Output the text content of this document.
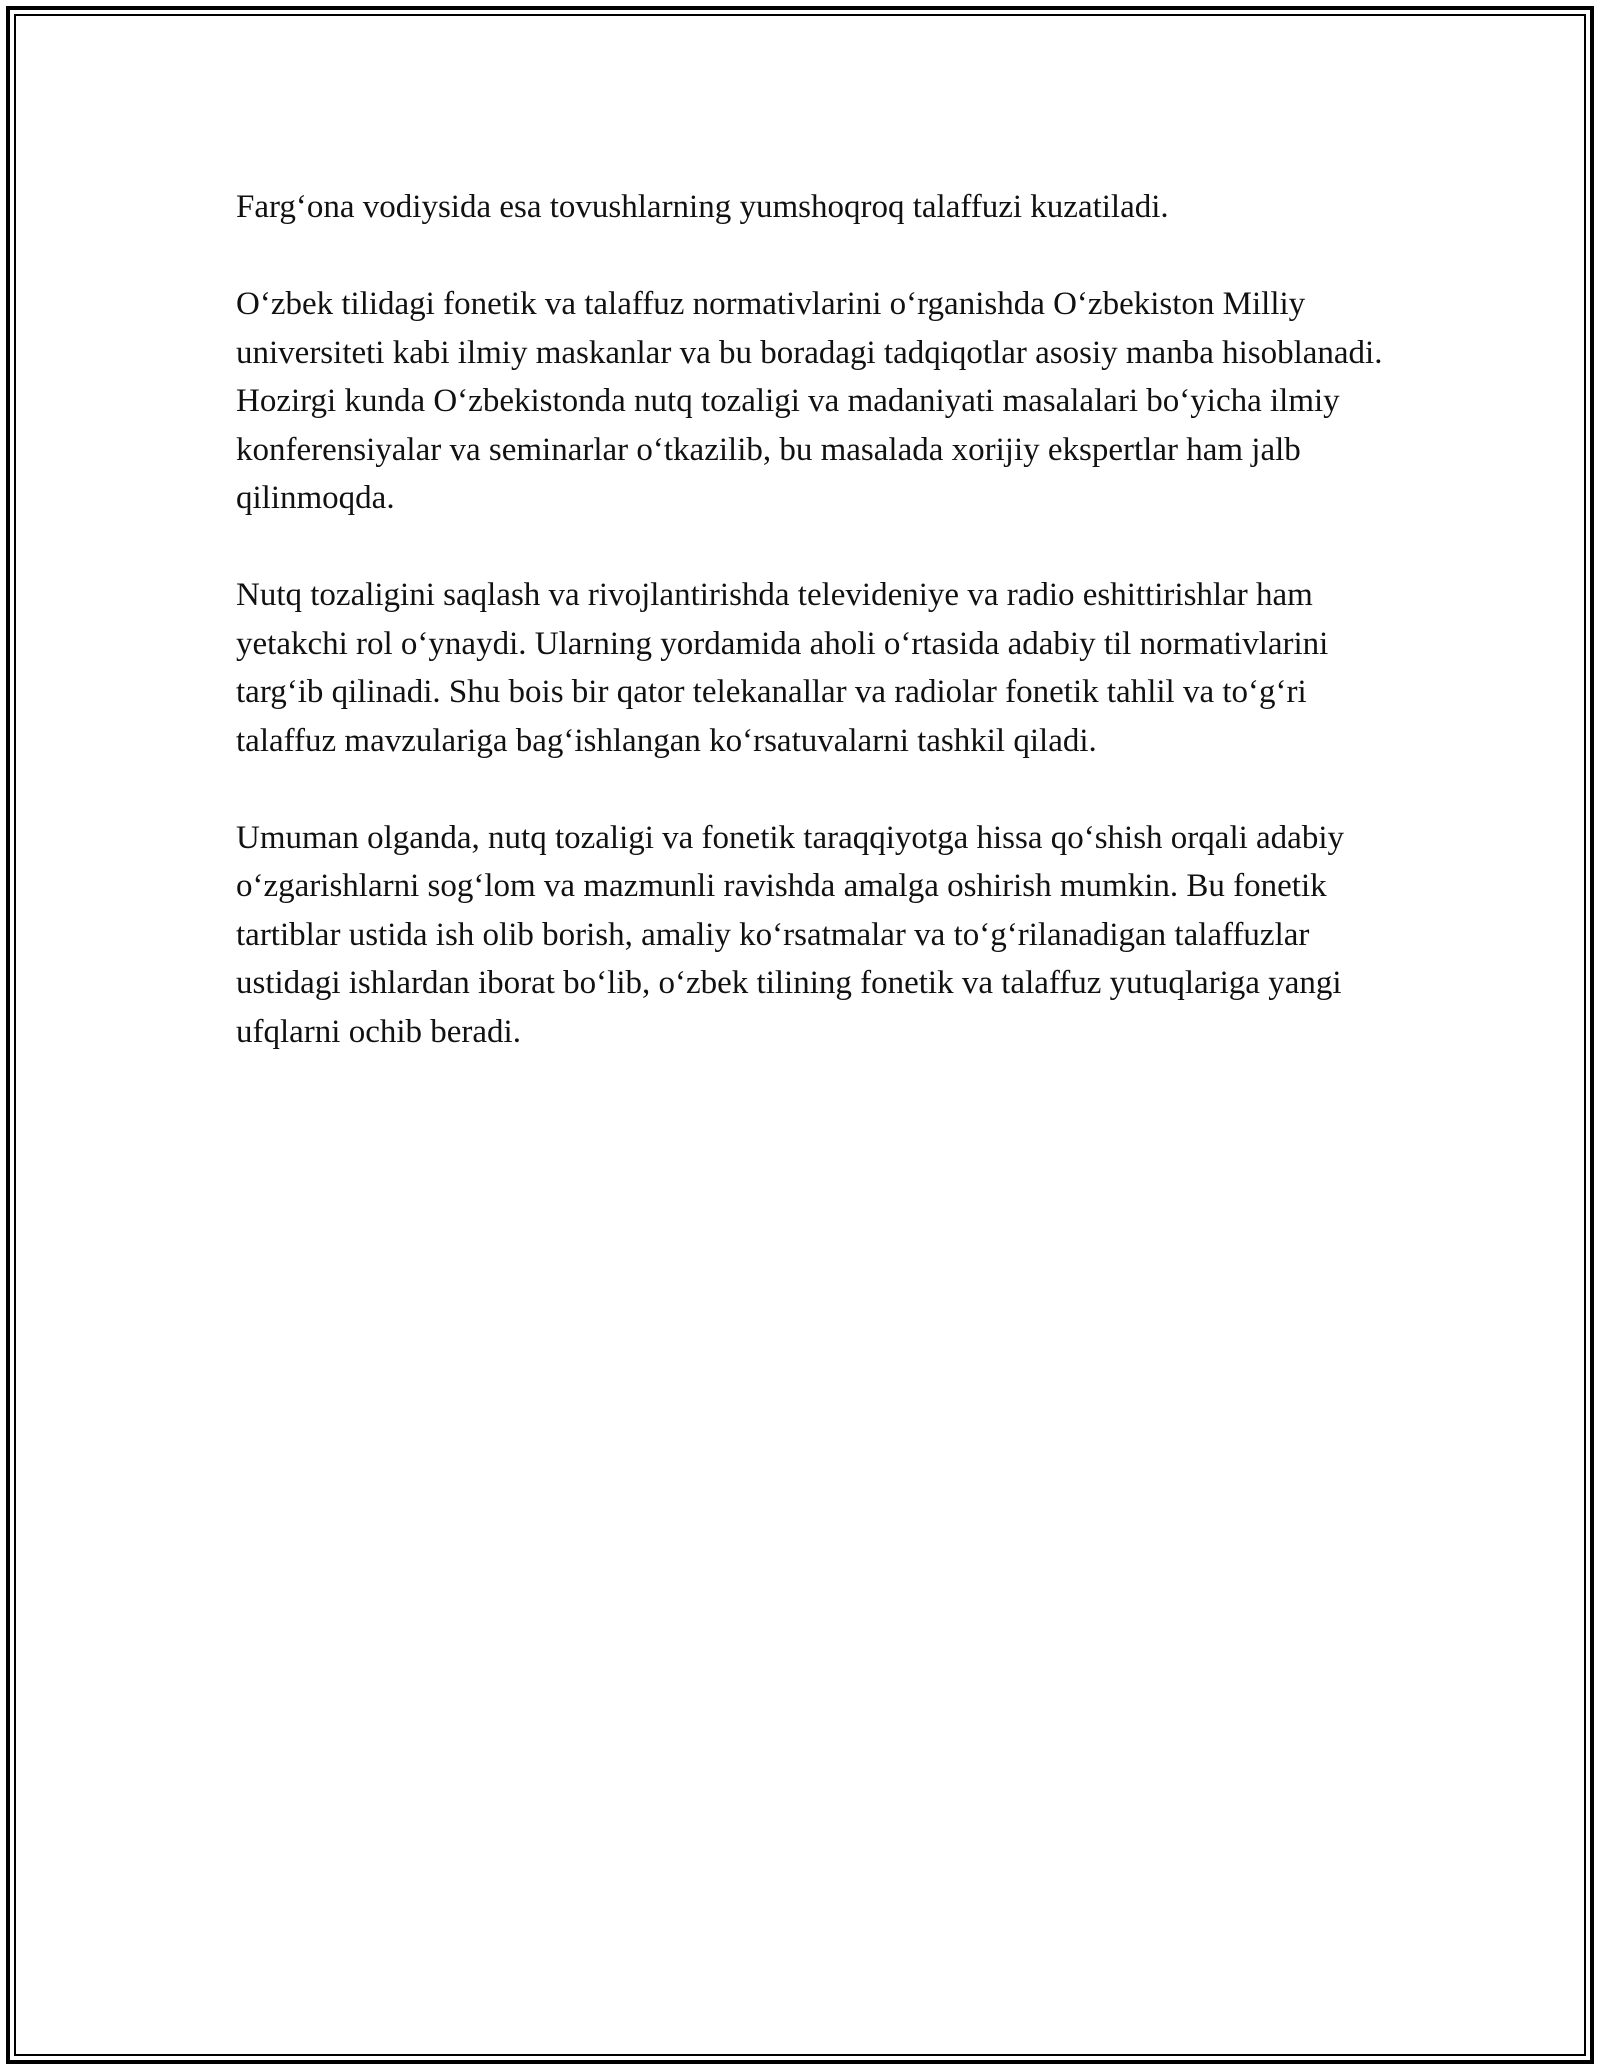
Farg‘ona vodiysida esa tovushlarning yumshoqroq talaffuzi kuzatiladi.

O‘zbek tilidagi fonetik va talaffuz normativlarini o‘rganishda O‘zbekiston Milliy universiteti kabi ilmiy maskanlar va bu boradagi tadqiqotlar asosiy manba hisoblanadi. Hozirgi kunda O‘zbekistonda nutq tozaligi va madaniyati masalalari bo‘yicha ilmiy konferensiyalar va seminarlar o‘tkazilib, bu masalada xorijiy ekspertlar ham jalb qilinmoqda.

Nutq tozaligini saqlash va rivojlantirishda televideniye va radio eshittirishlar ham yetakchi rol o‘ynaydi. Ularning yordamida aholi o‘rtasida adabiy til normativlarini targ‘ib qilinadi. Shu bois bir qator telekanallar va radiolar fonetik tahlil va to‘g‘ri talaffuz mavzulariga bag‘ishlangan ko‘rsatuvalarni tashkil qiladi.

Umuman olganda, nutq tozaligi va fonetik taraqqiyotga hissa qo‘shish orqali adabiy o‘zgarishlarni sog‘lom va mazmunli ravishda amalga oshirish mumkin. Bu fonetik tartiblar ustida ish olib borish, amaliy ko‘rsatmalar va to‘g‘rilanadigan talaffuzlar ustidagi ishlardan iborat bo‘lib, o‘zbek tilining fonetik va talaffuz yutuqlariga yangi ufqlarni ochib beradi.
